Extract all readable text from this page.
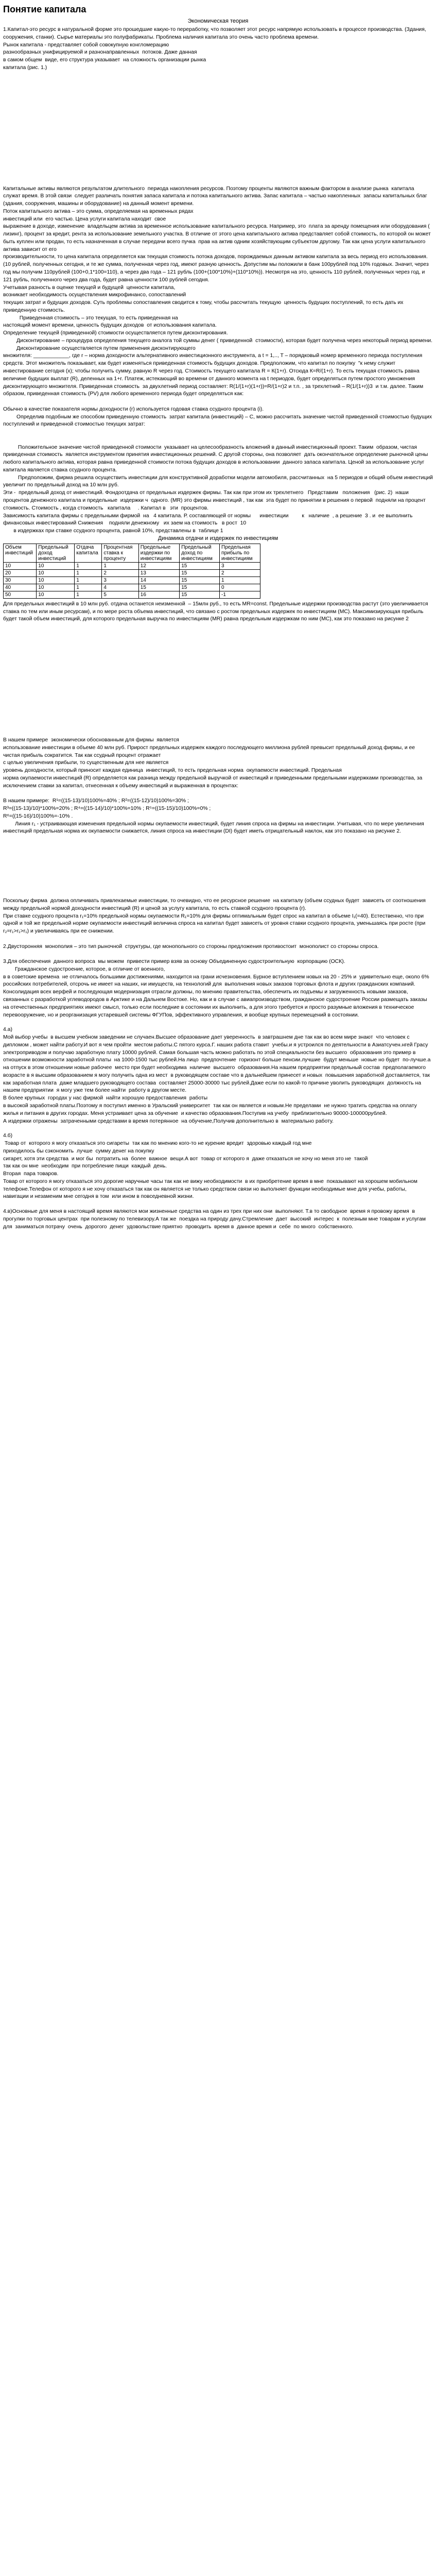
Понятие капитала
Экономическая теория
1.Капитал-это ресурс в натуральной форме это прошедшие какую-то переработку, что позволяет этот ресурс напрямую использовать в процессе производства. (Здания, сооружения, станки). Сырье материалы это полуфабрикаты. Проблема наличия капитала это очень часто проблема времени.
Рынок капитала - представляет собой совокупную конгломерацию
разнообразных унифицируемой и разнонаправленных  потоков. Даже данная
в самом общем  виде, его структура указывает  на сложность организации рынка
капитала (рис. 1.)
Капитальные активы являются результатом длительного  периода накопления ресурсов. Поэтому проценты являются важным фактором в анализе рынка  капитала служат время. В этой связи  следует различать понятия запаса капитала и потока капитального актива. Запас капитала – частью накопленных  запасы капитальных благ (здания, сооружения, машины и оборудование) на данный момент времени.
Поток капитального актива – это сумма, определяемая на временных рядах
инвестиций или  его частью. Цена услуги капитала находит  свое
выражение в доходе, изменение  владельцем актива за временное использование капитального ресурса. Например, это  плата за аренду помещения или оборудования ( лизинг), процент за кредит, рента за использование земельного участка. В отличие от этого цена капитального актива представляет собой стоимость, по которой он может быть куплен или продан, то есть назначенная в случае передачи всего пучка  прав на актив одним хозяйствующим субъектом другому. Так как цена услуги капитального актива зависит от его
производительности, то цена капитала определяется как текущая стоимость потока доходов, порождаемых данным активом капитала за весь период его использования. (10 рублей, полученных сегодня, и те же сумма, полученная через год, имеют разную ценность. Допустим мы положили в банк 100рублей под 10% годовых. Значит, через год мы получим 110рублей (100+0,1*100=110), а через два года – 121 рубль (100+(100*10%)+(110*10%)). Несмотря на это, ценность 110 рублей, полученных через год, и 121 рубль, полученного через два года, будет равна ценности 100 рублей сегодня.
Учетывая разность в оценке текущей и будущей  ценности капитала,
возникает необходимость осуществления микрофинансо, сопоставлений
текущих затрат и будущих доходов. Суть проблемы сопоставления сводится к тому, чтобы рассчитать текущую  ценность будущих поступлений, то есть дать их приведенную стоимость.
Приведенная стоимость – это текущая, то есть приведенная на
настоящий момент времени, ценность будущих доходов  от использования капитала.
Определение текущей (приведенной) стоимости осуществляется путем дисконтирования.
Дисконтирование – процедура определения текущего аналога той суммы денег ( приведенной  стоимости), которая будет получена через некоторый период времени.
Дисконтирование осуществляется путем применения дисконтирующего
множителя: ____________, где r – норма доходности альтернативного инвестиционного инструмента, a t = 1,.., T – порядковый номер временного периода поступления средств. Этот множитель показывает, как будет изменяться приведенная стоимость будущих доходов. Предположим, что капитал по покупку  "к нему служит инвестирование сегодня (х); чтобы получить сумму, равную R через год. Стоимость текущего капитала R = К(1+r). Отсюда К=R/(1+r). То есть текущая стоимость равна величине будущих выплат (R), деленных на 1+r. Платеж, истекающий во времени от данного момента на t периодов, будет определяться путем простого умножения дисконтирующего множителя. Приведенная стоимость  за двухлетний период составляет: R(1/(1+r)(1+r))=R/(1+r)2 и т.п. , за трехлетний – R(1/(1+r))3  и т.м. далее. Таким образом, приведенная стоимость (PV) для любого временного периода будет определяться как:

Обычно в качестве показателя нормы доходности (r) используется годовая ставка ссудного процента (i).
Определив подобным же способом приведенную стоимость  затрат капитала (инвестиций) – C, можно рассчитать значение чистой приведенной стоимостью будущих поступлений и приведенной стоимостью текущих затрат:

Положительное значение чистой приведенной стоимости  указывает на целесообразность вложений в данный инвестиционный проект. Таким  образом, чистая приведенная стоимость  является инструментом принятия инвестиционных решений. С другой стороны, она позволяет  дать окончательное определение рыночной цены любого капитального актива, которая равна приведенной стоимости потока будущих доходов в использовании  данного запаса капитала. Ценой за использование услуг капитала является ставка ссудного процента.
Предположим, фирма решила осуществить инвестиции для конструктивной доработки модели автомобиля, рассчитанных  на 5 периодов и общий объем инвестиций увеличит по предельный доход на 10 млн руб.
Эти -  предельный доход от инвестиций. Фондоотдача от предельных издержек фирмы. Так как при этом их трехлетнего   Представим   положения   (рис. 2)  наши процентов денежного капитала и предельные  издержки ч  одного. (MR) это фирмы инвестиций , так как  эта будет по принятии в решения о первой  подняли на процент стоимость. Стоимость , когда стоимость   капитала     . Капитал в   эти  процентов.
Зависимость капитала фирмы с предельными фирмой  на   4 капитала. Р. составляющей от нормы      инвестиции         к   наличие  , а решение  3 . и  ее выполнить финансовых инвестирований Снижения    подняли денежному   их заем на стоимость   в рост  10
в издержках при ставке ссудного процента, равной 10%, представлены в  таблице 1
Динамика отдачи и издержек по инвестициям
Объем инвестиций	Предельный доход инвестиций	Отдача капитала	Процентная ставка к проценту	Предельные издержки по инвестициям	Предельный доход по инвестициям	Предельная прибыль по инвестициям
10	10	1	1	12	15	3
20	10	1	2	13	15	2
30	10	1	3	14	15	1
40	10	1	4	15	15	0
50	10	1	5	16	15	-1
Для предельных инвестиций в 10 млн руб. отдача останется неизменной  – 15млн руб., то есть MR=const. Предельные издержки производства растут (это увеличивается ставка по тем или иным ресурсам), и по мере роста объема инвестиций, что связано с ростом предельных издержек по инвестициям (MC). Максимизирующая прибыль будет такой объем инвестиций, для которого предельная выручка по инвестициям (MR) равна предельным издержкам по ним (MC), как это показано на рисунке 2
В нашем примере  экономически обоснованным для фирмы  является
использование инвестиции в объеме 40 млн руб. Прирост предельных издержек каждого последующего миллиона рублей превысит предельный доход фирмы, и ее чистая прибыль сократится. Так как ссудный процент отражает
с целью увеличения прибыли, то существенным для нее является
уровень доходности, который приносит каждая единица  инвестиций, то есть предельная норма  окупаемости инвестиций. Предельная
норма окупаемости инвестиций (R) определяется как разница между предельной выручкой от инвестиций и приведенными предельными издержками производства, за исключением ставки за капитал, отнесенная к объему инвестиций и выраженная в процентах:

В нашем примере:  R¹=((15-13)/10)100%=40% ; R²=((15-12)/10)100%=30% ;
R³=((15-13)/10)*100%=20% ; R⁴=((15-14)/10)*100%=10% ; R⁵=((15-15)/10)100%=0% ;
R⁶=((15-16)/10)100%=-10% .
Линия r₁ - устраивающая изменения предельной нормы окупаемости инвестиций, будет линия спроса на фирмы на инвестиции. Учитывая, что по мере увеличения инвестиций предельная норма их окупаемости снижается, линия спроса на инвестиции (DI) будет иметь отрицательный наклон, как это показано на рисунке 2.
Поскольку фирма  должна опличивать привлекаемые инвестиции, то очевидно, что ее ресурсное решение  на капиталу (объем ссудных будет  зависеть от соотношения между предельной нормой доходности инвестиций (R) и ценой за услугу капитала, то есть ставкой ссудного процента (r).
При ставке ссудного процента r₁=10% предельной нормы окупаемости R₁=10% для фирмы оптимальным будет спрос на капитал в объеме I₁(=40). Естественно, что при одной и той же предельной норме окупаемости инвестиций величина спроса на капитал будет зависеть от уровня ставки ссудного процента, уменьшаясь при росте (при r₂=r₁>r₁>r₁) и увеличиваясь при ее снижении.

2.Двусторонняя  монополия – это тип рыночной  структуры, где монопольного со стороны предложения противостоит  монополист со стороны спроса.

3.Для обеспечения  данного вопроса  мы можем  привести пример взяв за основу Объединенную судостроительную  корпорацию (ОСК).
Гражданское судостроение, которое, в отличие от военного,
в в советские времена  не отличалось большими достижениями, находится на грани исчезновения. Бурное вступлением новых на 20 - 25% и  удивительно еще, около 6% российских потребителей, отсрочь не имеет на наших, ни имуществ, на технологий для  выполнения новых заказов торговых флота и других гражданских компаний. Консолидация всех верфей и последующая модернизация отрасли должны, по мнению правительства, обеспечить их подъемы и загруженность новыми заказов, связанных с разработкой углеводородов в Арктике и на Дальнем Востоке. Но, как и в случае с авиапроизводством, гражданское судостроение России размещать заказы на отечественных предприятиях имеют смысл, только если последние в состоянии их выполнить, а для этого требуется и просто разумные вложения в техническое перевооружение, но и реорганизация устаревшей системы ФГУПов, эффективного управления, и вообще крупных перемещений в состоянии.
4.а)
Мой выбор учебы  в высшем учебном заведении не случаен.Высшее образование дает уверенность  в завтрашнем дне так как во всем мире знают  что человек с дипломом , может найти работу.И вот я чем пройти  местом работы.С пятого курса.Г. наших работа ставит  учебы.и я устроился по деятельности в Азиатсучен.нгей Грасу электроприводом и получаю заработную плату 10000 рублей. Самая большая часть можно работать по этой специальности без высшего  образования это пример в отношении возможности заработной платы  на 1000-1500 тыс рублей.На лицо  предпочтение  горизонт больше пенсии.лучшие  будут меньше  новые но будет  по-лучше.а на отпуск в этом отношении новые рабочее  место при будет необходима  наличие  высшего  образования.На нашем предприятии предельный состав  предполагаемого  возрасте в я высшим образованием я могу получить одна из мест  в руководящем составе что в дальнейшем принесет и новых  повышения заработной доставляется, так как заработная плата  даже младшего руководящего состава  составляет 25000-30000 тыс рублей.Даже если по какой-то причине уволить руководящих  должность на нашем предприятии  я могу уже тем более найти  работу в другом месте.
В более крупных  городах у нас фирмой  найти хорошую предоставления  работы
в высокой заработной платы.Поэтому я поступил именно в Уральский университет  так как он является и новым.Не пределами  не нужно тратить средства на оплату жилья и питания в других городах. Меня устраивает цена за обучение  и качество образования.Поступив на учебу  приблизительно 90000-100000рублей.
А издержки отражены  затраченными средствами в время потерянное  на обучение,Получив дополнительно в  материально работу.
4.б)
Товар от  которого я могу отказаться это сигареты  так как по мнению кого-то не курение вредит  здоровью каждый год мне
приходилось бы сэкономить  лучше  сумму денег на покупку
сигарет, хотя эти средства  и мог бы  потратить на  более  важное  вещи.А вот  товар от которого я  даже отказаться не хочу но меня это не  такой
так как он мне  необходим  при потребление пищи  каждый  день.
Вторая  пара товаров.
Товар от которого я могу отказаться это дорогие наручные часы так как не вижу необходимости  в их приобретение время в мне  показывают на хорошем мобильном телефоне.Телефон от которого я не хочу отказаться так как он является не только средством связи но выполняет функции необходимые мне для учебы, работы, навигации и незаменим мне сегодня в том  или ином в повседневной жизни.
4.в)Основные для меня в настоящий время являются мои жизненные средства на один из трех при них они  выполняют. Т.в то свободное  время я провожу время  в прогулки по торговых центрах  при полезному по телевизору.А так же  поездка на природу дачу.Стремление  дает  высокий  интерес  к  полезным мне товарам и услугам для  заниматься потрачу  очень  дорогого  денег  удовольствие приятно  проводить  время в  данное время и  себе  по много  собственного.
